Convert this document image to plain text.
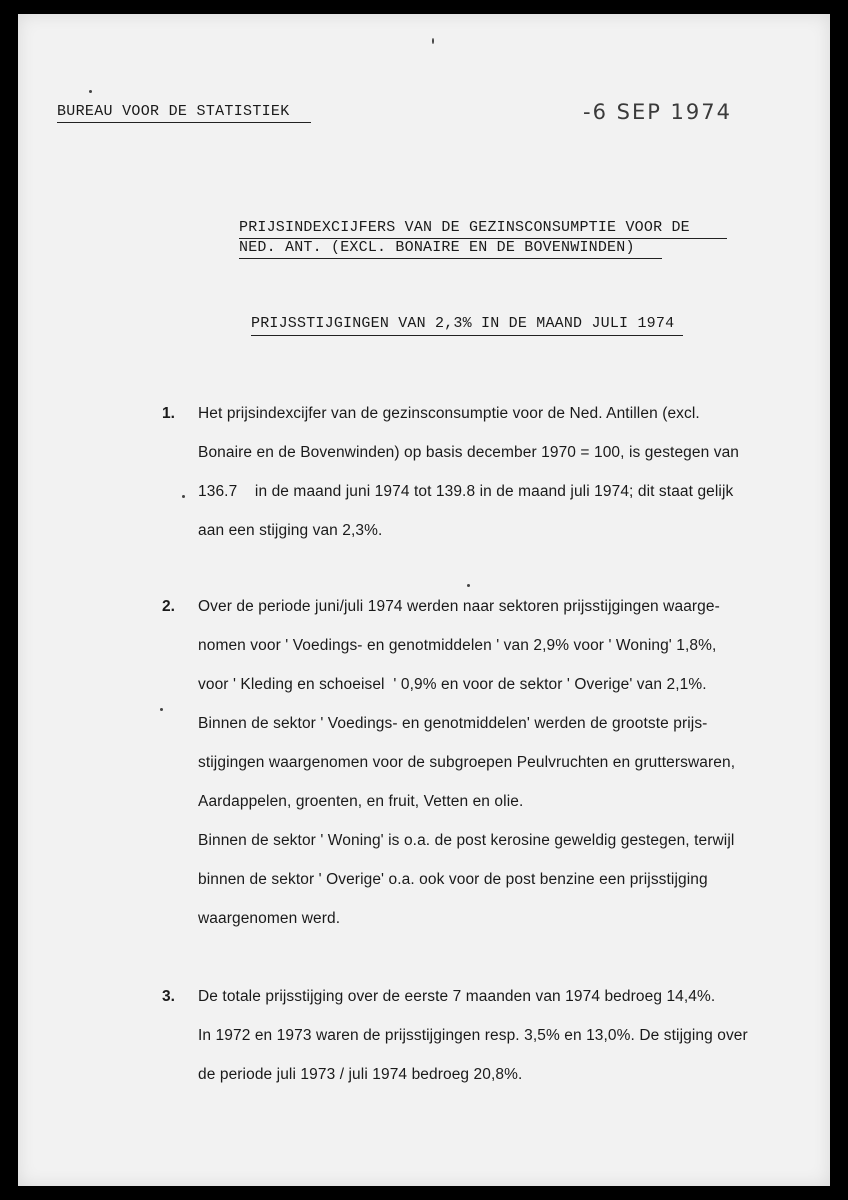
BUREAU VOOR DE STATISTIEK	-6 SEP 1974

PRIJSINDEXCIJFERS VAN DE GEZINSCONSUMPTIE VOOR DE
NED. ANT. (EXCL. BONAIRE EN DE BOVENWINDEN)

PRIJSSTIJGINGEN VAN 2,3% IN DE MAAND JULI 1974

1. Het prijsindexcijfer van de gezinsconsumptie voor de Ned. Antillen (excl.
Bonaire en de Bovenwinden) op basis december 1970 = 100, is gestegen van
136.7    in de maand juni 1974 tot 139.8 in de maand juli 1974; dit staat gelijk
aan een stijging van 2,3%.
2. Over de periode juni/juli 1974 werden naar sektoren prijsstijgingen waarge-
nomen voor ' Voedings- en genotmiddelen ' van 2,9% voor ' Woning' 1,8%,
voor ' Kleding en schoeisel  ' 0,9% en voor de sektor ' Overige' van 2,1%.
Binnen de sektor ' Voedings- en genotmiddelen' werden de grootste prijs-
stijgingen waargenomen voor de subgroepen Peulvruchten en grutterswaren,
Aardappelen, groenten, en fruit, Vetten en olie.
Binnen de sektor ' Woning' is o.a. de post kerosine geweldig gestegen, terwijl
binnen de sektor ' Overige' o.a. ook voor de post benzine een prijsstijging
waargenomen werd.
3. De totale prijsstijging over de eerste 7 maanden van 1974 bedroeg 14,4%.
In 1972 en 1973 waren de prijsstijgingen resp. 3,5% en 13,0%. De stijging over
de periode juli 1973 / juli 1974 bedroeg 20,8%.
